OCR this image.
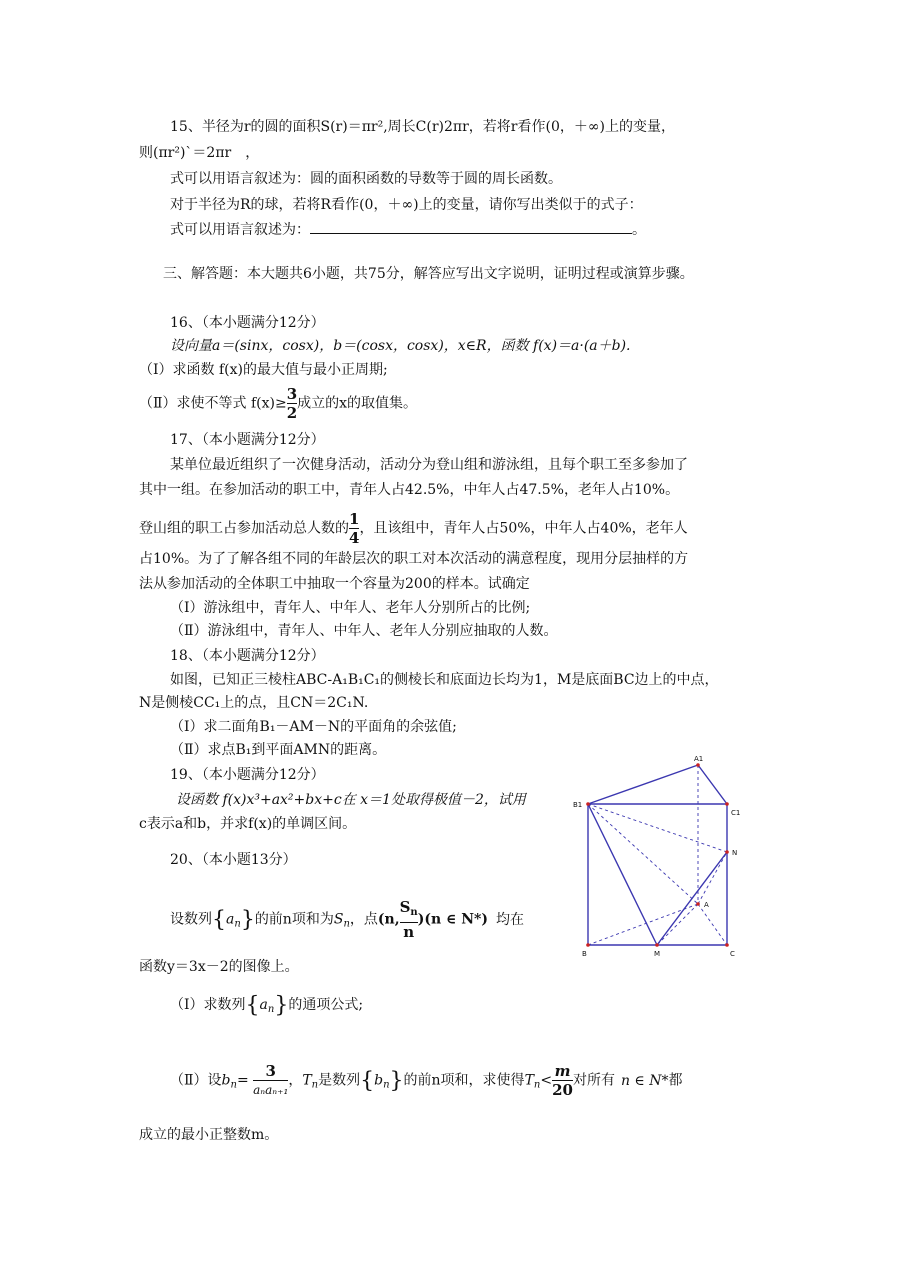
15、半径为r的圆的面积S(r)＝πr²,周长C(r)2πr，若将r看作(0，＋∞)上的变量，
则(πr²)`＝2πr　，
式可以用语言叙述为：圆的面积函数的导数等于圆的周长函数。
对于半径为R的球，若将R看作(0，＋∞)上的变量，请你写出类似于的式子：
式可以用语言叙述为：	。
三、解答题：本大题共6小题，共75分，解答应写出文字说明，证明过程或演算步骤。
16、（本小题满分12分）
设向量a＝(sinx，cosx)，b＝(cosx，cosx)，x∈R，函数 f(x)＝a·(a＋b).
（Ⅰ）求函数 f(x)的最大值与最小正周期;
（Ⅱ）求使不等式 $f(x)\ge \frac{3}{2}$ 成立的x的取值集。
17、（本小题满分12分）
某单位最近组织了一次健身活动，活动分为登山组和游泳组，且每个职工至多参加了
其中一组。在参加活动的职工中，青年人占42.5%，中年人占47.5%，老年人占10%。
登山组的职工占参加活动总人数的 $\frac{1}{4}$ ，且该组中，青年人占50%，中年人占40%，老年人
占10%。为了了解各组不同的年龄层次的职工对本次活动的满意程度，现用分层抽样的方
法从参加活动的全体职工中抽取一个容量为200的样本。试确定
（Ⅰ）游泳组中，青年人、中年人、老年人分别所占的比例;
（Ⅱ）游泳组中，青年人、中年人、老年人分别应抽取的人数。
18、（本小题满分12分）
如图，已知正三棱柱ABC-A₁B₁C₁的侧棱长和底面边长均为1，M是底面BC边上的中点，
N是侧棱CC₁上的点，且CN＝2C₁N.
（Ⅰ）求二面角B₁－AM－N的平面角的余弦值;
（Ⅱ）求点B₁到平面AMN的距离。
19、（本小题满分12分）
设函数 f(x)x³+ax²+bx+c在 x＝1处取得极值－2，试用
c表示a和b，并求f(x)的单调区间。
20、（本小题13分）
设数列$\{a_n\}$的前n项和为$S_n$，点(n, $\frac{S_n}{n} )(n$ ∈ N*) 均在
函数y＝3x－2的图像上。
（Ⅰ）求数列$\{a_n\}$的通项公式;
（Ⅱ）设$b_n= \frac{3}{\text{aₙaₙ₊₁}}$ ，$T_n$是数列$\{b_n\}$的前n项和，求使得$T_n< \frac{m}{20}$ 对所有 n ∈ N*都
成立的最小正整数m。
A1
B1
C1
N
A
B	M	C
